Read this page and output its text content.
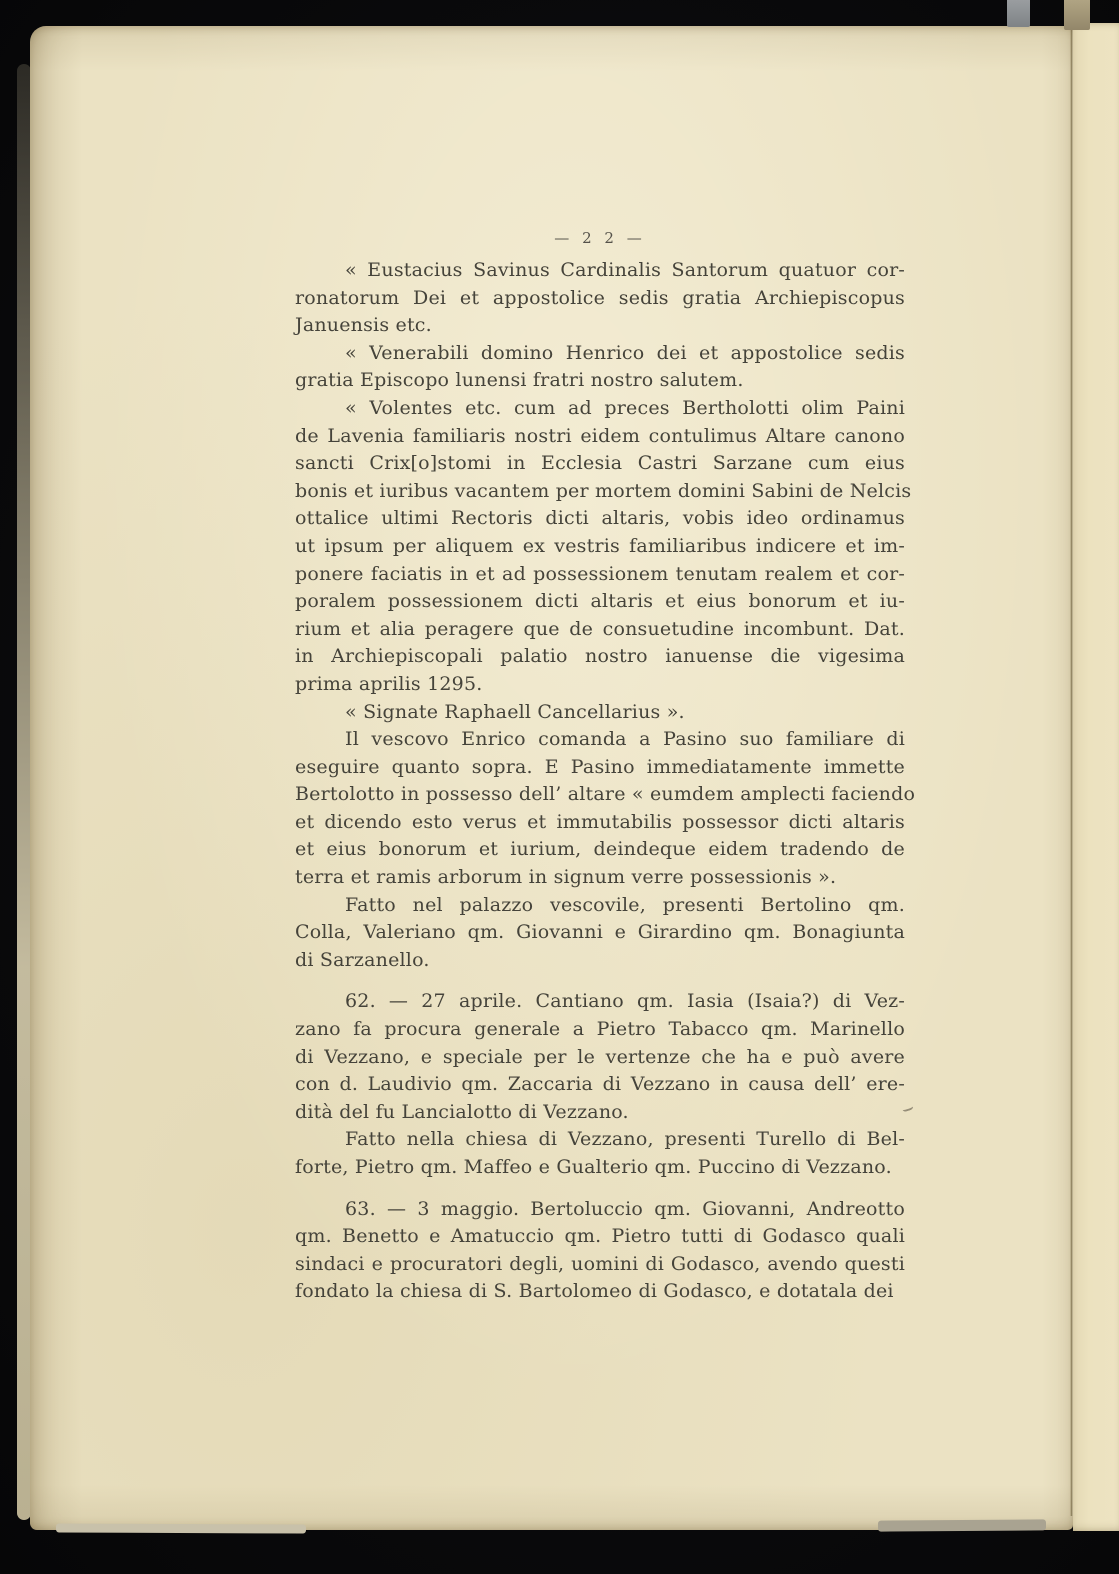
— 2 2 —
« Eustacius Savinus Cardinalis Santorum quatuor cor-
ronatorum Dei et appostolice sedis gratia Archiepiscopus
Januensis etc.
« Venerabili domino Henrico dei et appostolice sedis
gratia Episcopo lunensi fratri nostro salutem.
« Volentes etc. cum ad preces Bertholotti olim Paini
de Lavenia familiaris nostri eidem contulimus Altare canono
sancti Crix[o]stomi in Ecclesia Castri Sarzane cum eius
bonis et iuribus vacantem per mortem domini Sabini de Nelcis
ottalice ultimi Rectoris dicti altaris, vobis ideo ordinamus
ut ipsum per aliquem ex vestris familiaribus indicere et im-
ponere faciatis in et ad possessionem tenutam realem et cor-
poralem possessionem dicti altaris et eius bonorum et iu-
rium et alia peragere que de consuetudine incombunt. Dat.
in Archiepiscopali palatio nostro ianuense die vigesima
prima aprilis 1295.
« Signate Raphaell Cancellarius ».
Il vescovo Enrico comanda a Pasino suo familiare di
eseguire quanto sopra. E Pasino immediatamente immette
Bertolotto in possesso dell’ altare « eumdem amplecti faciendo
et dicendo esto verus et immutabilis possessor dicti altaris
et eius bonorum et iurium, deindeque eidem tradendo de
terra et ramis arborum in signum verre possessionis ».
Fatto nel palazzo vescovile, presenti Bertolino qm.
Colla, Valeriano qm. Giovanni e Girardino qm. Bonagiunta
di Sarzanello.
62. — 27 aprile. Cantiano qm. Iasia (Isaia?) di Vez-
zano fa procura generale a Pietro Tabacco qm. Marinello
di Vezzano, e speciale per le vertenze che ha e può avere
con d. Laudivio qm. Zaccaria di Vezzano in causa dell’ ere-
dità del fu Lancialotto di Vezzano.
Fatto nella chiesa di Vezzano, presenti Turello di Bel-
forte, Pietro qm. Maffeo e Gualterio qm. Puccino di Vezzano.
63. — 3 maggio. Bertoluccio qm. Giovanni, Andreotto
qm. Benetto e Amatuccio qm. Pietro tutti di Godasco quali
sindaci e procuratori degli, uomini di Godasco, avendo questi
fondato la chiesa di S. Bartolomeo di Godasco, e dotatala dei
